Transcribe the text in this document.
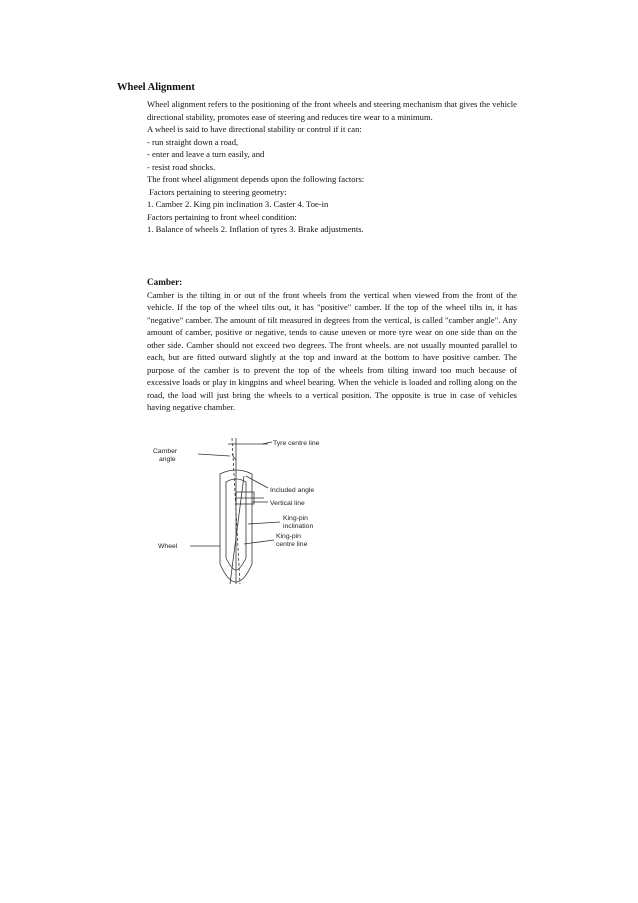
Wheel Alignment

Wheel alignment refers to the positioning of the front wheels and steering mechanism that gives the vehicle directional stability, promotes ease of steering and reduces tire wear to a minimum.

A wheel is said to have directional stability or control if it can:

- run straight down a road,

- enter and leave a turn easily, and

- resist road shocks.

The front wheel alignment depends upon the following factors:

Factors pertaining to steering geometry:

1. Camber 2. King pin inclination 3. Caster 4. Toe-in

Factors pertaining to front wheel condition:

1. Balance of wheels 2. Inflation of tyres 3. Brake adjustments.

Camber:

Camber is the tilting in or out of the front wheels from the vertical when viewed from the front of the vehicle. If the top of the wheel tilts out, it has "positive" camber. If the top of the wheel tilts in, it has "negative" camber. The amount of tilt measured in degrees from the vertical, is called "camber angle". Any amount of camber, positive or negative, tends to cause uneven or more tyre wear on one side than on the other side. Camber should not exceed two degrees. The front wheels. are not usually mounted parallel to each, but are fitted outward slightly at the top and inward at the bottom to have positive camber. The purpose of the camber is to prevent the top of the wheels from tilting inward too much because of excessive loads or play in kingpins and wheel bearing. When the vehicle is loaded and rolling along on the road, the load will just bring the wheels to a vertical position. The opposite is true in case of vehicles having negative chamber.

Tyre centre line
Camber
angle
Included angle
Vertical line
King-pin
inclination
King-pin
centre line
Wheel
